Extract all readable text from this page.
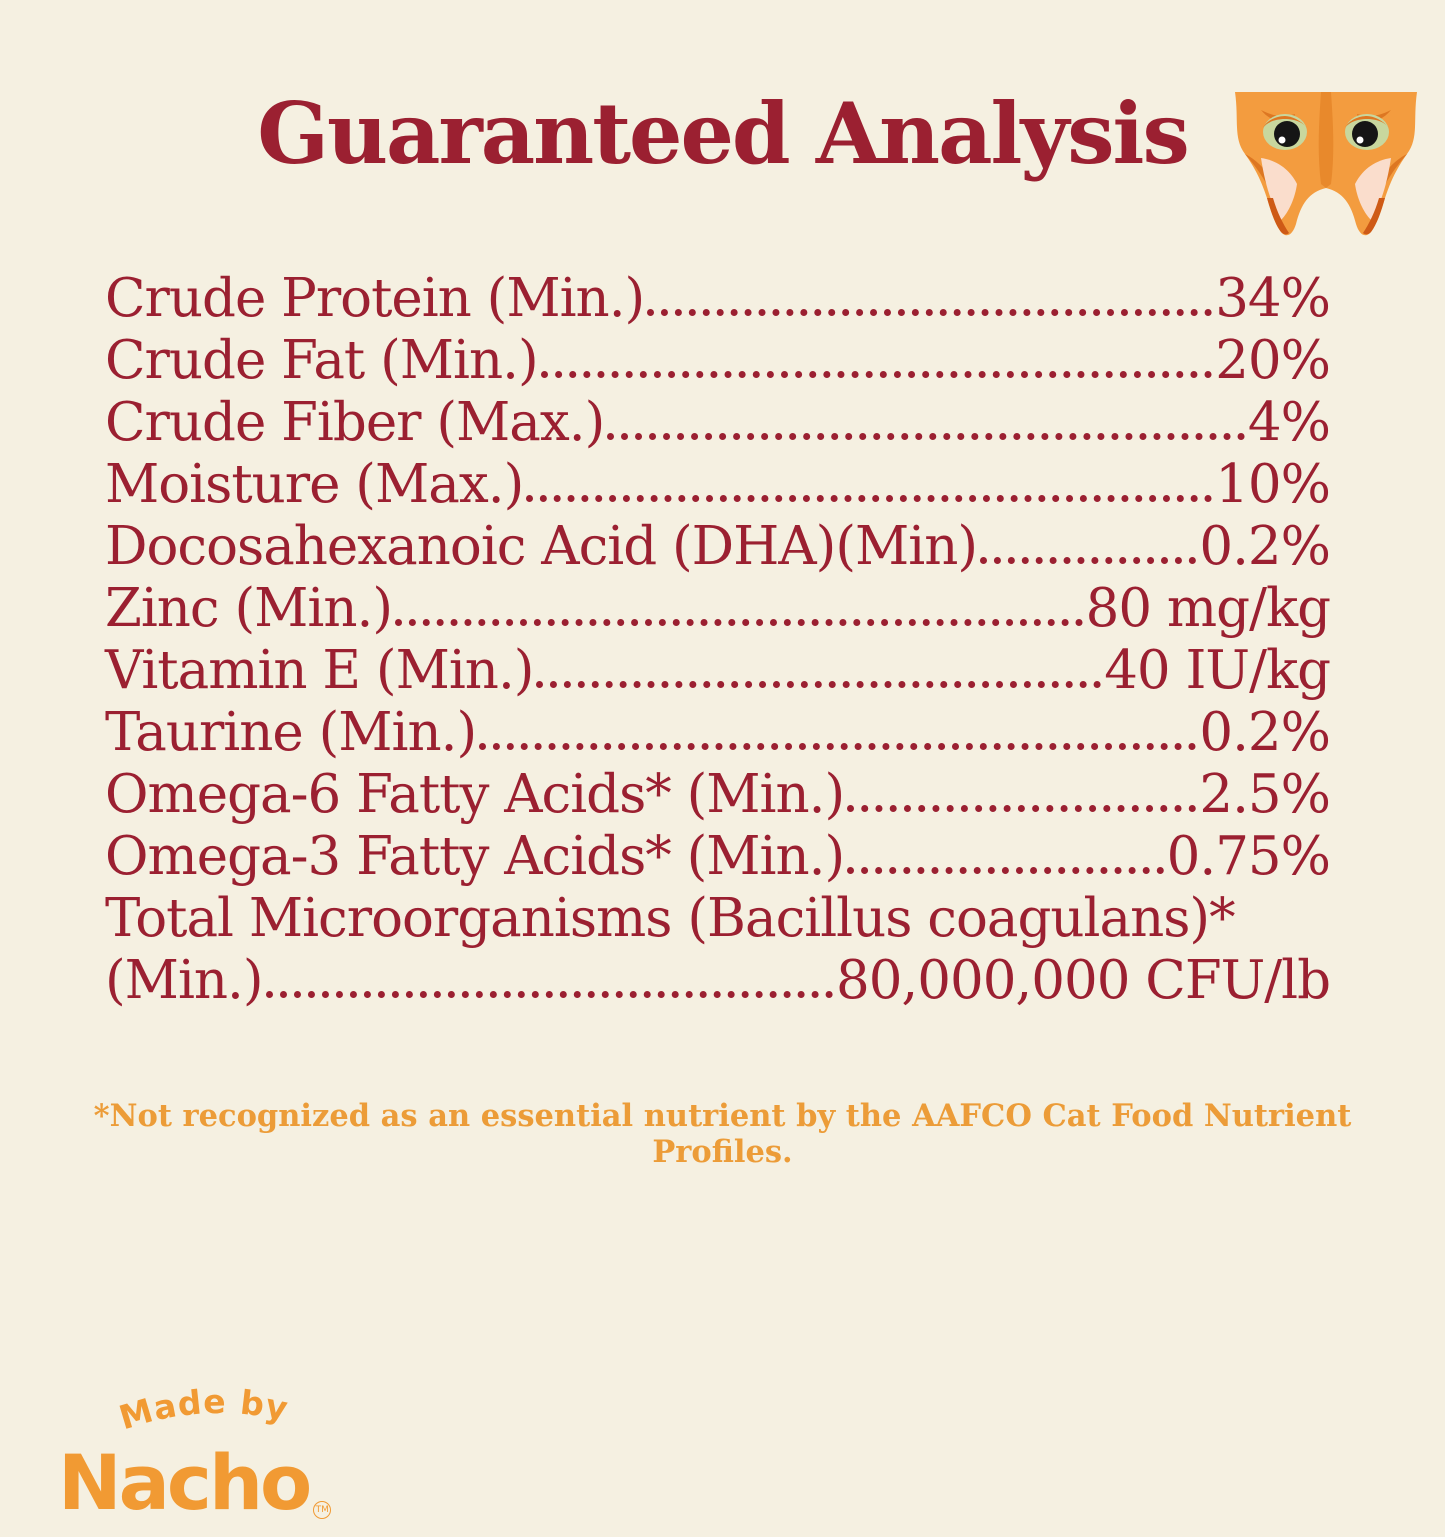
Guaranteed Analysis
Crude Protein (Min.)	34%
Crude Fat (Min.)	20%
Crude Fiber (Max.)	4%
Moisture (Max.)	10%
Docosahexanoic Acid (DHA)(Min)	0.2%
Zinc (Min.)	80 mg/kg
Vitamin E (Min.)	40 IU/kg
Taurine (Min.)	0.2%
Omega-6 Fatty Acids* (Min.)	2.5%
Omega-3 Fatty Acids* (Min.)	0.75%
Total Microorganisms (Bacillus coagulans)*
(Min.)	80,000,000 CFU/lb

*Not recognized as an essential nutrient by the AAFCO Cat Food Nutrient Profiles.

Made by
Nacho TM
